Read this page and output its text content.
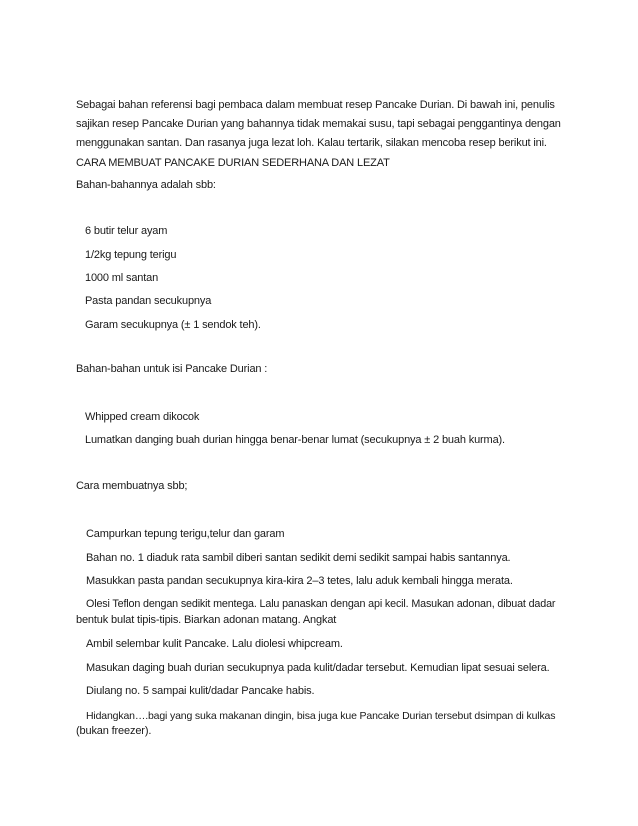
Sebagai bahan referensi bagi pembaca dalam membuat resep Pancake Durian. Di bawah ini, penulis
sajikan resep Pancake Durian yang bahannya tidak memakai susu, tapi sebagai penggantinya dengan
menggunakan santan. Dan rasanya juga lezat loh. Kalau tertarik, silakan mencoba resep berikut ini.
CARA MEMBUAT PANCAKE DURIAN SEDERHANA DAN LEZAT
Bahan-bahannya adalah sbb:
6 butir telur ayam
1/2kg tepung terigu
1000 ml santan
Pasta pandan secukupnya
Garam secukupnya (± 1 sendok teh).
Bahan-bahan untuk isi Pancake Durian :
Whipped cream dikocok
Lumatkan danging buah durian hingga benar-benar lumat (secukupnya ± 2 buah kurma).
Cara membuatnya sbb;
Campurkan tepung terigu,telur dan garam
Bahan no. 1 diaduk rata sambil diberi santan sedikit demi sedikit sampai habis santannya.
Masukkan pasta pandan secukupnya kira-kira 2–3 tetes, lalu aduk kembali hingga merata.
Olesi Teflon dengan sedikit mentega. Lalu panaskan dengan api kecil. Masukan adonan, dibuat dadar
bentuk bulat tipis-tipis. Biarkan adonan matang. Angkat
Ambil selembar kulit Pancake. Lalu diolesi whipcream.
Masukan daging buah durian secukupnya pada kulit/dadar tersebut. Kemudian lipat sesuai selera.
Diulang no. 5 sampai kulit/dadar Pancake habis.
Hidangkan….bagi yang suka makanan dingin, bisa juga kue Pancake Durian tersebut dsimpan di kulkas
(bukan freezer).
